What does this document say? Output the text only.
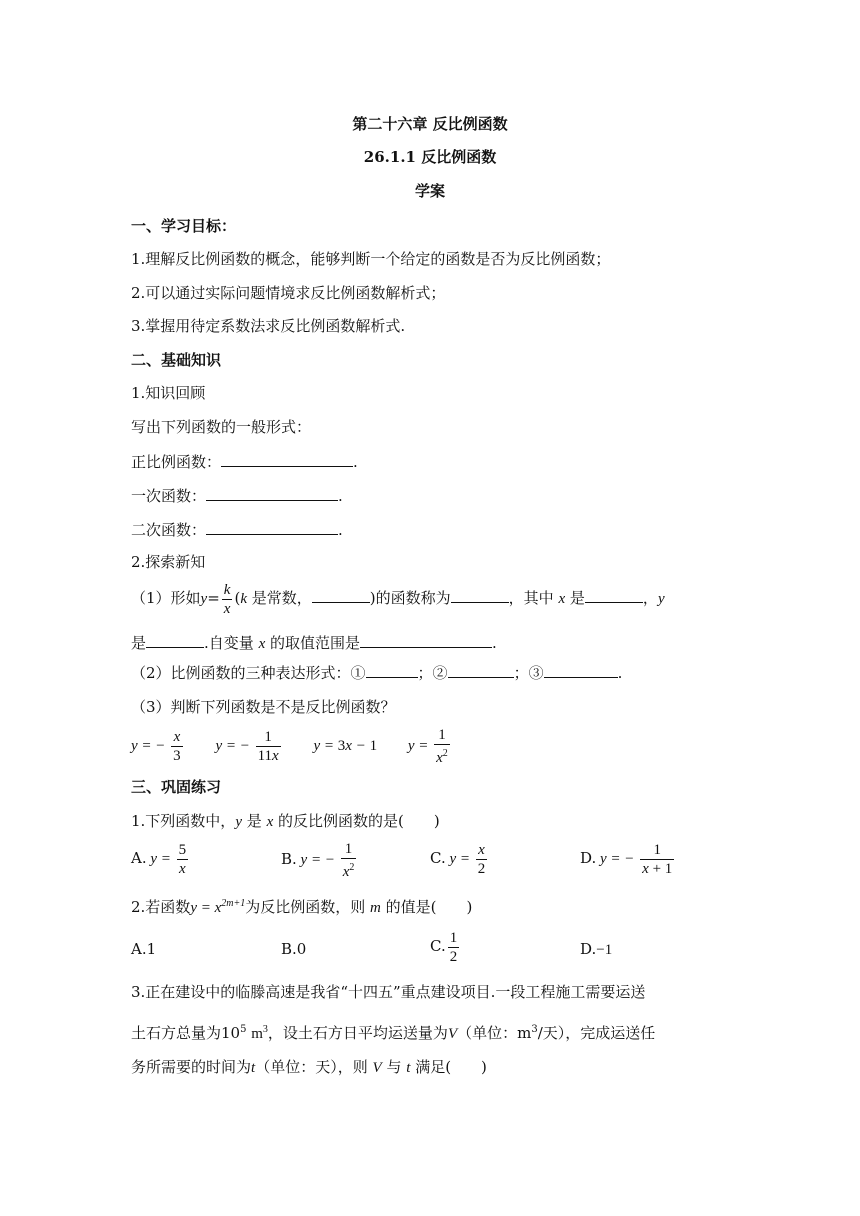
第二十六章 反比例函数
26.1.1 反比例函数
学案
一、学习目标：
1.理解反比例函数的概念，能够判断一个给定的函数是否为反比例函数；
2.可以通过实际问题情境求反比例函数解析式；
3.掌握用待定系数法求反比例函数解析式.
二、基础知识
1.知识回顾
写出下列函数的一般形式：
正比例函数：	.
一次函数：	.
二次函数：	.
2.探索新知
（1）形如$y= \frac{k}{x} (k$ 是常数，	)的函数称为	，其中 x 是	，y
是	.自变量 x 的取值范围是	.
（2）比例函数的三种表达形式：①	；②	；③	.
（3）判断下列函数是不是反比例函数？
y = − $\frac{x}{3}$ y = − $\frac{1}{11x}$ y = 3x − 1 $y = \frac{1}{x^2}$
三、巩固练习
1.下列函数中，y 是 x 的反比例函数的是(　　)
A. $y = \frac{5}{x}$	B. y = − $\frac{1}{x^2}$	C. $y = \frac{x}{2}$	D. y = − $\frac{1}{x + 1}$
2.若函数$y = x^{2m+1}$为反比例函数，则 m 的值是(　　)
A.1	B.0	C. $\frac{1}{2}$	D.−1
3.正在建设中的临滕高速是我省“十四五”重点建设项目.一段工程施工需要运送
土石方总量为$10^5$ $m^3$，设土石方日平均运送量为V（单位：$m^3/$天），完成运送任
务所需要的时间为t（单位：天），则 V 与 t 满足(　　)
